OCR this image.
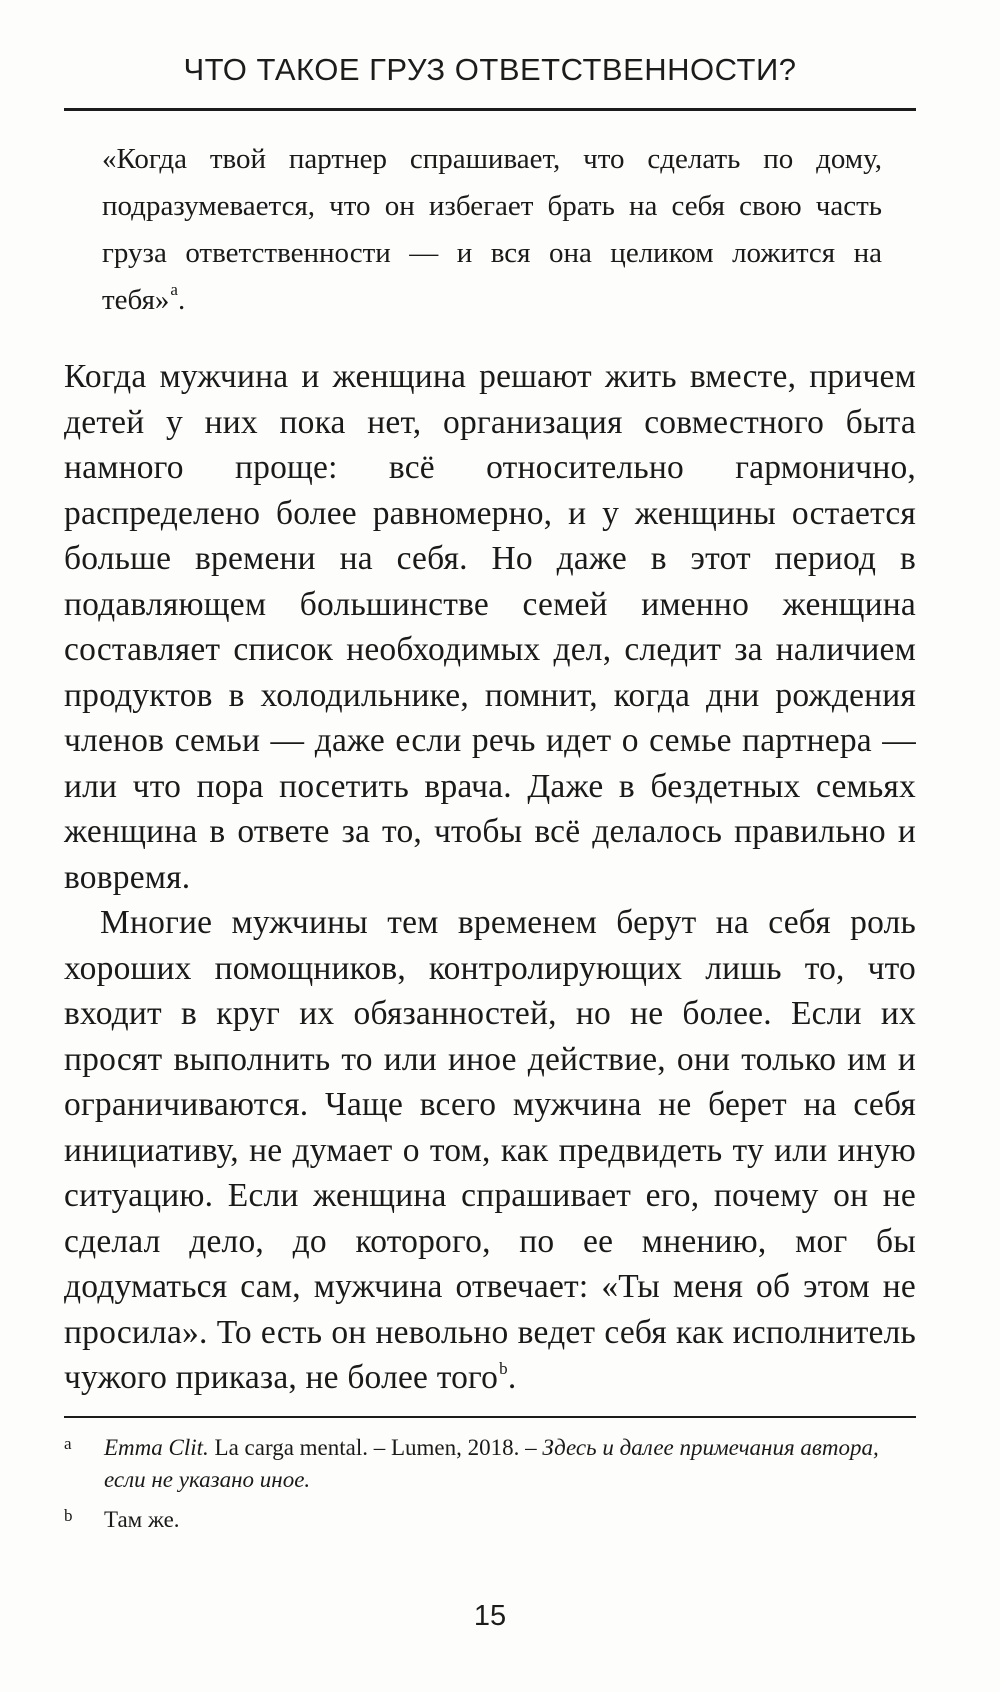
ЧТО ТАКОЕ ГРУЗ ОТВЕТСТВЕННОСТИ?

«Когда твой партнер спрашивает, что сделать по дому, подразумевается, что он избегает брать на себя свою часть груза ответственности — и вся она целиком ложится на тебя»$^a$.

Когда мужчина и женщина решают жить вместе, причем детей у них пока нет, организация совместного быта намного проще: всё относительно гармонично, распределено более равномерно, и у женщины остается больше времени на себя. Но даже в этот период в подавляющем большинстве семей именно женщина составляет список необходимых дел, следит за наличием продуктов в холодильнике, помнит, когда дни рождения членов семьи — даже если речь идет о семье партнера — или что пора посетить врача. Даже в бездетных семьях женщина в ответе за то, чтобы всё делалось правильно и вовремя.

Многие мужчины тем временем берут на себя роль хороших помощников, контролирующих лишь то, что входит в круг их обязанностей, но не более. Если их просят выполнить то или иное действие, они только им и ограничиваются. Чаще всего мужчина не берет на себя инициативу, не думает о том, как предвидеть ту или иную ситуацию. Если женщина спрашивает его, почему он не сделал дело, до которого, по ее мнению, мог бы додуматься сам, мужчина отвечает: «Ты меня об этом не просила». То есть он невольно ведет себя как исполнитель чужого приказа, не более того$^b$.

a Emma Clit. La carga mental. – Lumen, 2018. – Здесь и далее примечания автора, если не указано иное.
b Там же.
15
